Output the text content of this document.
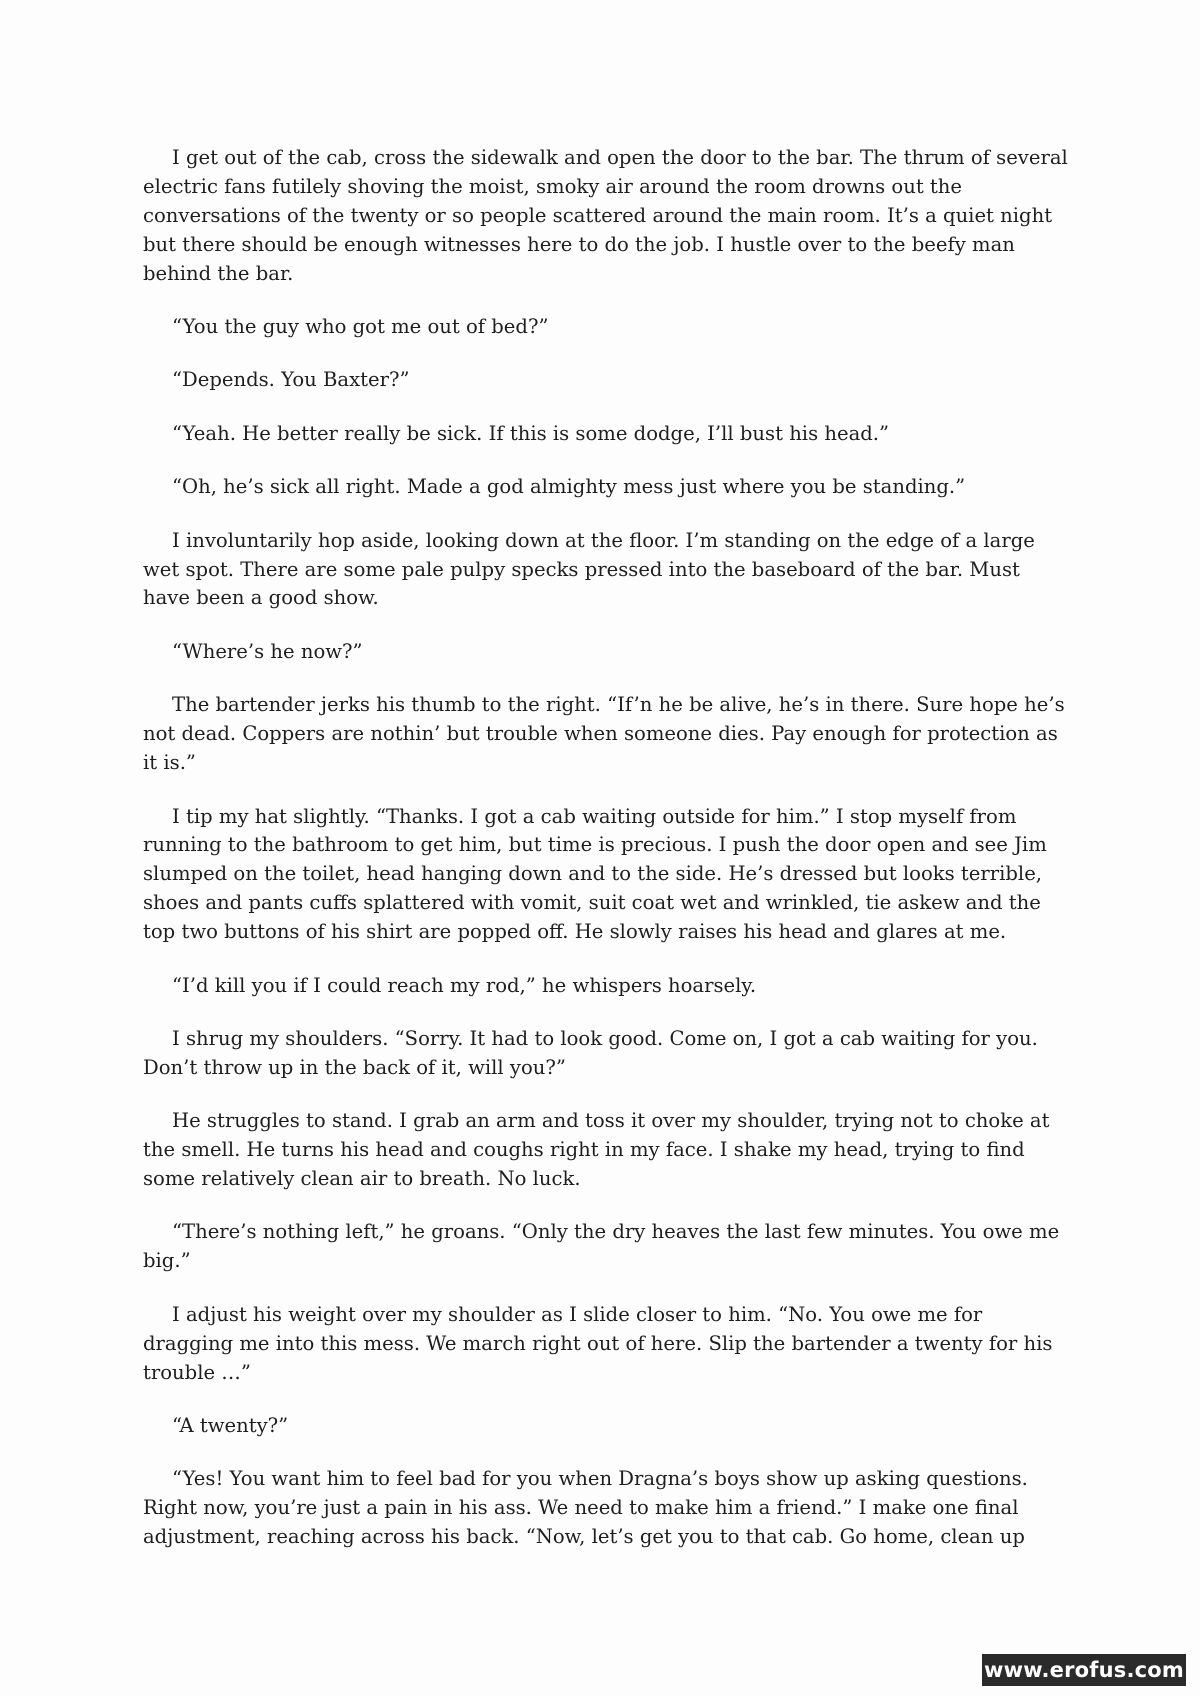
I get out of the cab, cross the sidewalk and open the door to the bar. The thrum of several electric fans futilely shoving the moist, smoky air around the room drowns out the conversations of the twenty or so people scattered around the main room. It’s a quiet night but there should be enough witnesses here to do the job. I hustle over to the beefy man behind the bar.

“You the guy who got me out of bed?”

“Depends. You Baxter?”

“Yeah. He better really be sick. If this is some dodge, I’ll bust his head.”

“Oh, he’s sick all right. Made a god almighty mess just where you be standing.”

I involuntarily hop aside, looking down at the floor. I’m standing on the edge of a large wet spot. There are some pale pulpy specks pressed into the baseboard of the bar. Must have been a good show.

“Where’s he now?”

The bartender jerks his thumb to the right. “If’n he be alive, he’s in there. Sure hope he’s not dead. Coppers are nothin’ but trouble when someone dies. Pay enough for protection as it is.”

I tip my hat slightly. “Thanks. I got a cab waiting outside for him.” I stop myself from running to the bathroom to get him, but time is precious. I push the door open and see Jim slumped on the toilet, head hanging down and to the side. He’s dressed but looks terrible, shoes and pants cuffs splattered with vomit, suit coat wet and wrinkled, tie askew and the top two buttons of his shirt are popped off. He slowly raises his head and glares at me.

“I’d kill you if I could reach my rod,” he whispers hoarsely.

I shrug my shoulders. “Sorry. It had to look good. Come on, I got a cab waiting for you. Don’t throw up in the back of it, will you?”

He struggles to stand. I grab an arm and toss it over my shoulder, trying not to choke at the smell. He turns his head and coughs right in my face. I shake my head, trying to find some relatively clean air to breath. No luck.

“There’s nothing left,” he groans. “Only the dry heaves the last few minutes. You owe me big.”

I adjust his weight over my shoulder as I slide closer to him. “No. You owe me for dragging me into this mess. We march right out of here. Slip the bartender a twenty for his trouble …”

“A twenty?”

“Yes! You want him to feel bad for you when Dragna’s boys show up asking questions. Right now, you’re just a pain in his ass. We need to make him a friend.” I make one final adjustment, reaching across his back. “Now, let’s get you to that cab. Go home, clean up

www.erofus.com
